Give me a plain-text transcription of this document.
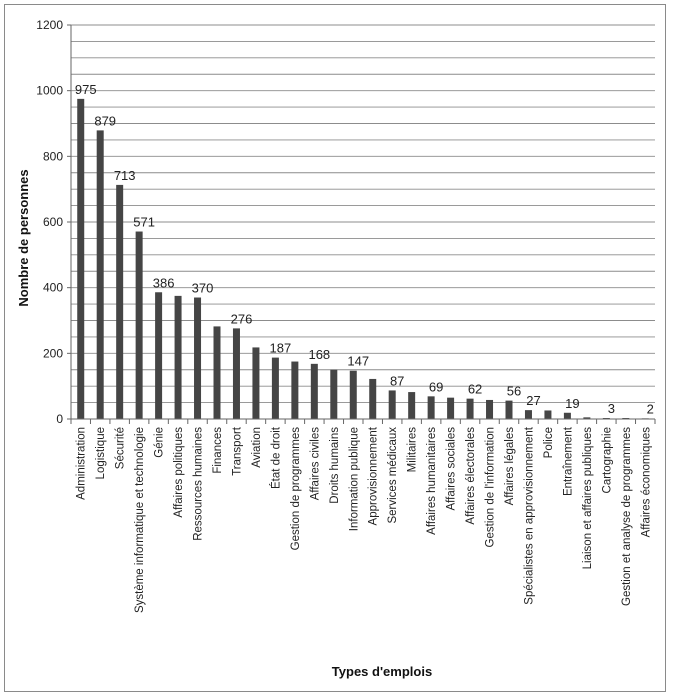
0
200
400
600
800
1000
1200
975
879
713
571
386 370
276
187 168 147
87 69 62 56
27 19 3 2
Administration Logistique Sécurité Système informatique et technologie Génie Affaires politiques Ressources humaines Finances Transport Aviation État de droit Gestion de programmes Affaires civiles Droits humains Information publique Approvisionnement Services médicaux Militaires Affaires humanitaires Affaires sociales Affaires électorales Gestion de l'information Affaires légales Spécialistes en approvisionnement Police Entraînement Liaison et affaires publiques Cartographie Gestion et analyse de programmes Affaires économiques
Nombre de personnes
Types d'emplois
